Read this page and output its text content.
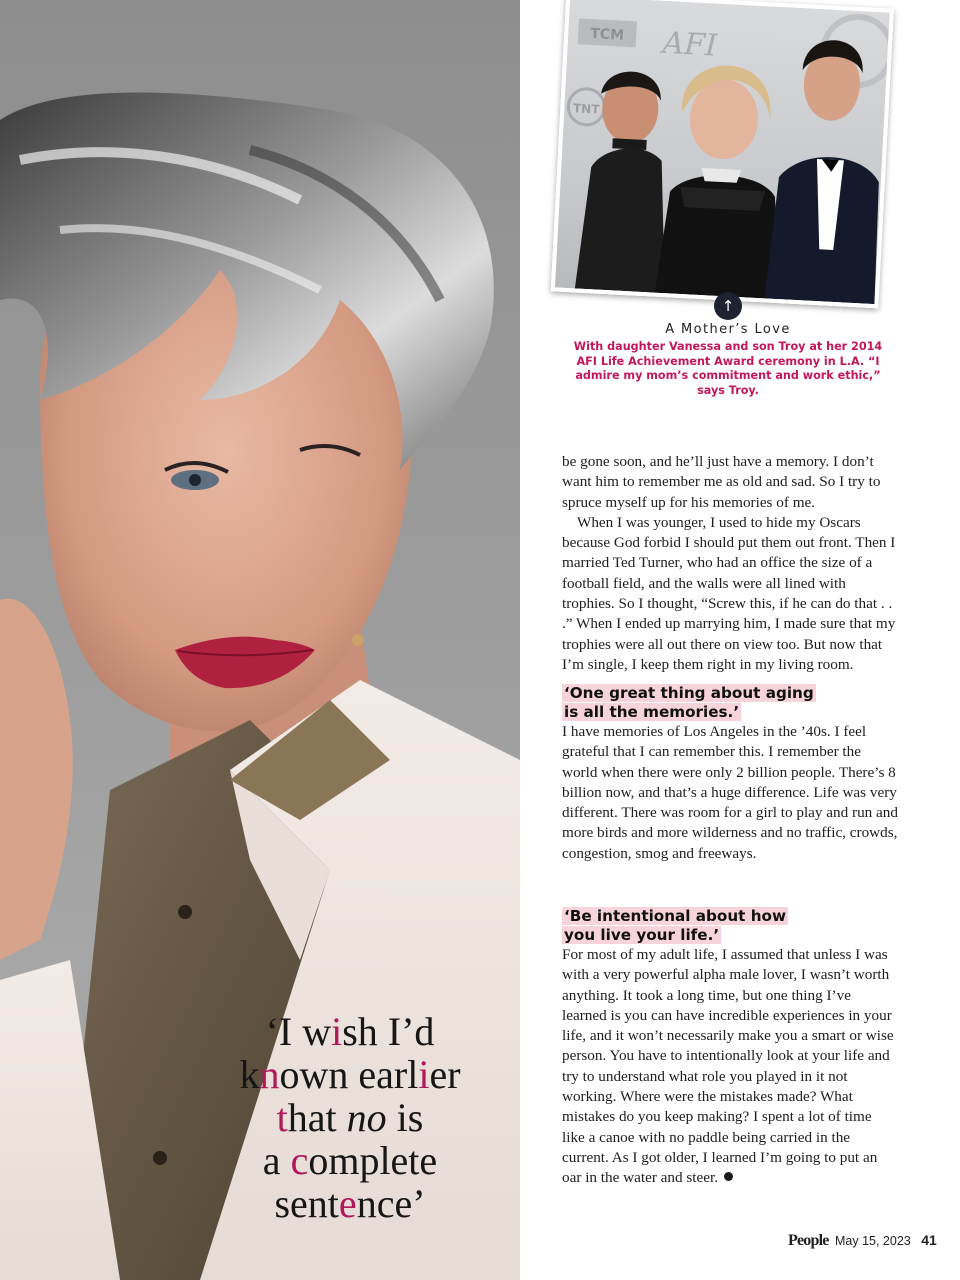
‘I wish I’d
known earlier
that no is
a complete
sentence’
TCM AFI
TNT
↑
A Mother’s Love
With daughter Vanessa and son Troy at her 2014 AFI Life Achievement Award ceremony in L.A. “I admire my mom’s commitment and work ethic,” says Troy.

be gone soon, and he’ll just have a memory. I don’t want him to remember me as old and sad. So I try to spruce myself up for his memories of me.

When I was younger, I used to hide my Oscars because God forbid I should put them out front. Then I married Ted Turner, who had an office the size of a football field, and the walls were all lined with trophies. So I thought, “Screw this, if he can do that . . .” When I ended up marrying him, I made sure that my trophies were all out there on view too. But now that I’m single, I keep them right in my living room.

‘One great thing about aging is all the memories.’

I have memories of Los Angeles in the ’40s. I feel grateful that I can remember this. I remember the world when there were only 2 billion people. There’s 8 billion now, and that’s a huge difference. Life was very different. There was room for a girl to play and run and more birds and more wilderness and no traffic, crowds, congestion, smog and freeways.

‘Be intentional about how you live your life.’

For most of my adult life, I assumed that unless I was with a very powerful alpha male lover, I wasn’t worth anything. It took a long time, but one thing I’ve learned is you can have incredible experiences in your life, and it won’t necessarily make you a smart or wise person. You have to intentionally look at your life and try to understand what role you played in it not working. Where were the mistakes made? What mistakes do you keep making? I spent a lot of time like a canoe with no paddle being carried in the current. As I got older, I learned I’m going to put an oar in the water and steer.

People May 15, 2023 41
